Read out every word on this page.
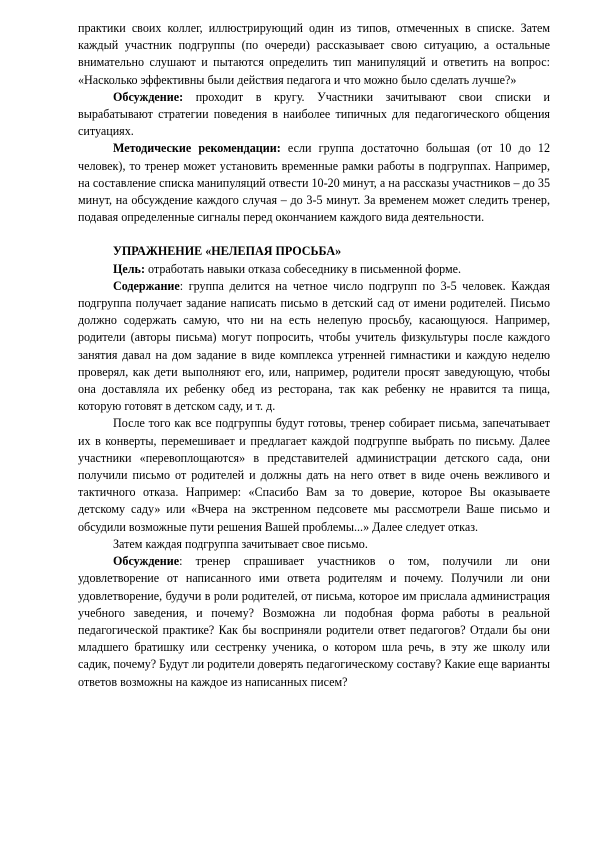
практики своих коллег, иллюстрирующий один из типов, отмеченных в списке. Затем каждый участник подгруппы (по очереди) рассказывает свою ситуацию, а остальные внимательно слушают и пытаются определить тип манипуляций и ответить на вопрос: «Насколько эффективны были действия педагога и что можно было сделать лучше?»

Обсуждение: проходит в кругу. Участники зачитывают свои списки и вырабатывают стратегии поведения в наиболее типичных для педагогического общения ситуациях.

Методические рекомендации: если группа достаточно большая (от 10 до 12 человек), то тренер может установить временные рамки работы в подгруппах. Например, на составление списка манипуляций отвести 10-20 минут, а на рассказы участников – до 35 минут, на обсуждение каждого случая – до 3-5 минут. За временем может следить тренер, подавая определенные сигналы перед окончанием каждого вида деятельности.

УПРАЖНЕНИЕ «НЕЛЕПАЯ ПРОСЬБА»

Цель: отработать навыки отказа собеседнику в письменной форме.

Содержание: группа делится на четное число подгрупп по 3-5 человек. Каждая подгруппа получает задание написать письмо в детский сад от имени родителей. Письмо должно содержать самую, что ни на есть нелепую просьбу, касающуюся. Например, родители (авторы письма) могут попросить, чтобы учитель физкультуры после каждого занятия давал на дом задание в виде комплекса утренней гимнастики и каждую неделю проверял, как дети выполняют его, или, например, родители просят заведующую, чтобы она доставляла их ребенку обед из ресторана, так как ребенку не нравится та пища, которую готовят в детском саду, и т. д.

После того как все подгруппы будут готовы, тренер собирает письма, запечатывает их в конверты, перемешивает и предлагает каждой подгруппе выбрать по письму. Далее участники «перевоплощаются» в представителей администрации детского сада, они получили письмо от родителей и должны дать на него ответ в виде очень вежливого и тактичного отказа. Например: «Спасибо Вам за то доверие, которое Вы оказываете детскому саду» или «Вчера на экстренном педсовете мы рассмотрели Ваше письмо и обсудили возможные пути решения Вашей проблемы...» Далее следует отказ.

Затем каждая подгруппа зачитывает свое письмо.

Обсуждение: тренер спрашивает участников о том, получили ли они удовлетворение от написанного ими ответа родителям и почему. Получили ли они удовлетворение, будучи в роли родителей, от письма, которое им прислала администрация учебного заведения, и почему? Возможна ли подобная форма работы в реальной педагогической практике? Как бы восприняли родители ответ педагогов? Отдали бы они младшего братишку или сестренку ученика, о котором шла речь, в эту же школу или садик, почему? Будут ли родители доверять педагогическому составу? Какие еще варианты ответов возможны на каждое из написанных писем?
